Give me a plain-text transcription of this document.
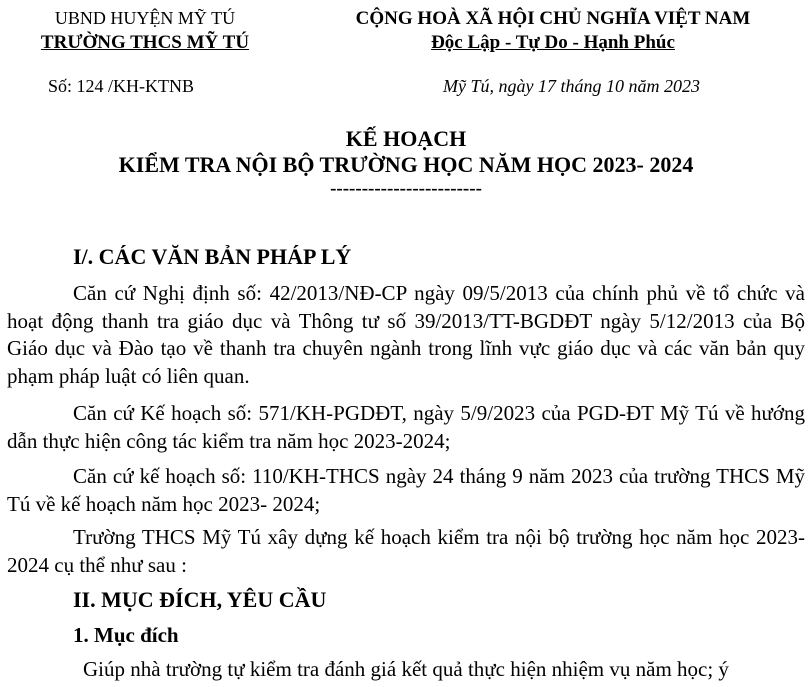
UBND HUYỆN MỸ TÚ
TRƯỜNG THCS MỸ TÚ
CỘNG HOÀ XÃ HỘI CHỦ NGHĨA VIỆT NAM
Độc Lập - Tự Do - Hạnh Phúc
Số: 124 /KH-KTNB	Mỹ Tú, ngày 17 tháng 10 năm 2023
KẾ HOẠCH
KIỂM TRA NỘI BỘ TRƯỜNG HỌC NĂM HỌC 2023- 2024
------------------------
I/. CÁC VĂN BẢN PHÁP LÝ
Căn cứ Nghị định số: 42/2013/NĐ-CP ngày 09/5/2013 của chính phủ về tổ chức và hoạt động thanh tra giáo dục và Thông tư số 39/2013/TT-BGDĐT ngày 5/12/2013 của Bộ Giáo dục và Đào tạo về thanh tra chuyên ngành trong lĩnh vực giáo dục và các văn bản quy phạm pháp luật có liên quan.
Căn cứ Kế hoạch số: 571/KH-PGDĐT, ngày 5/9/2023 của PGD-ĐT Mỹ Tú về hướng dẫn thực hiện công tác kiểm tra năm học 2023-2024;
Căn cứ kế hoạch số: 110/KH-THCS ngày 24 tháng 9 năm 2023 của trường THCS Mỹ Tú về kế hoạch năm học 2023- 2024;
Trường THCS Mỹ Tú xây dựng kế hoạch kiểm tra nội bộ trường học năm học 2023- 2024 cụ thể như sau :
II. MỤC ĐÍCH, YÊU CẦU
1. Mục đích
Giúp nhà trường tự kiểm tra đánh giá kết quả thực hiện nhiệm vụ năm học; ý
